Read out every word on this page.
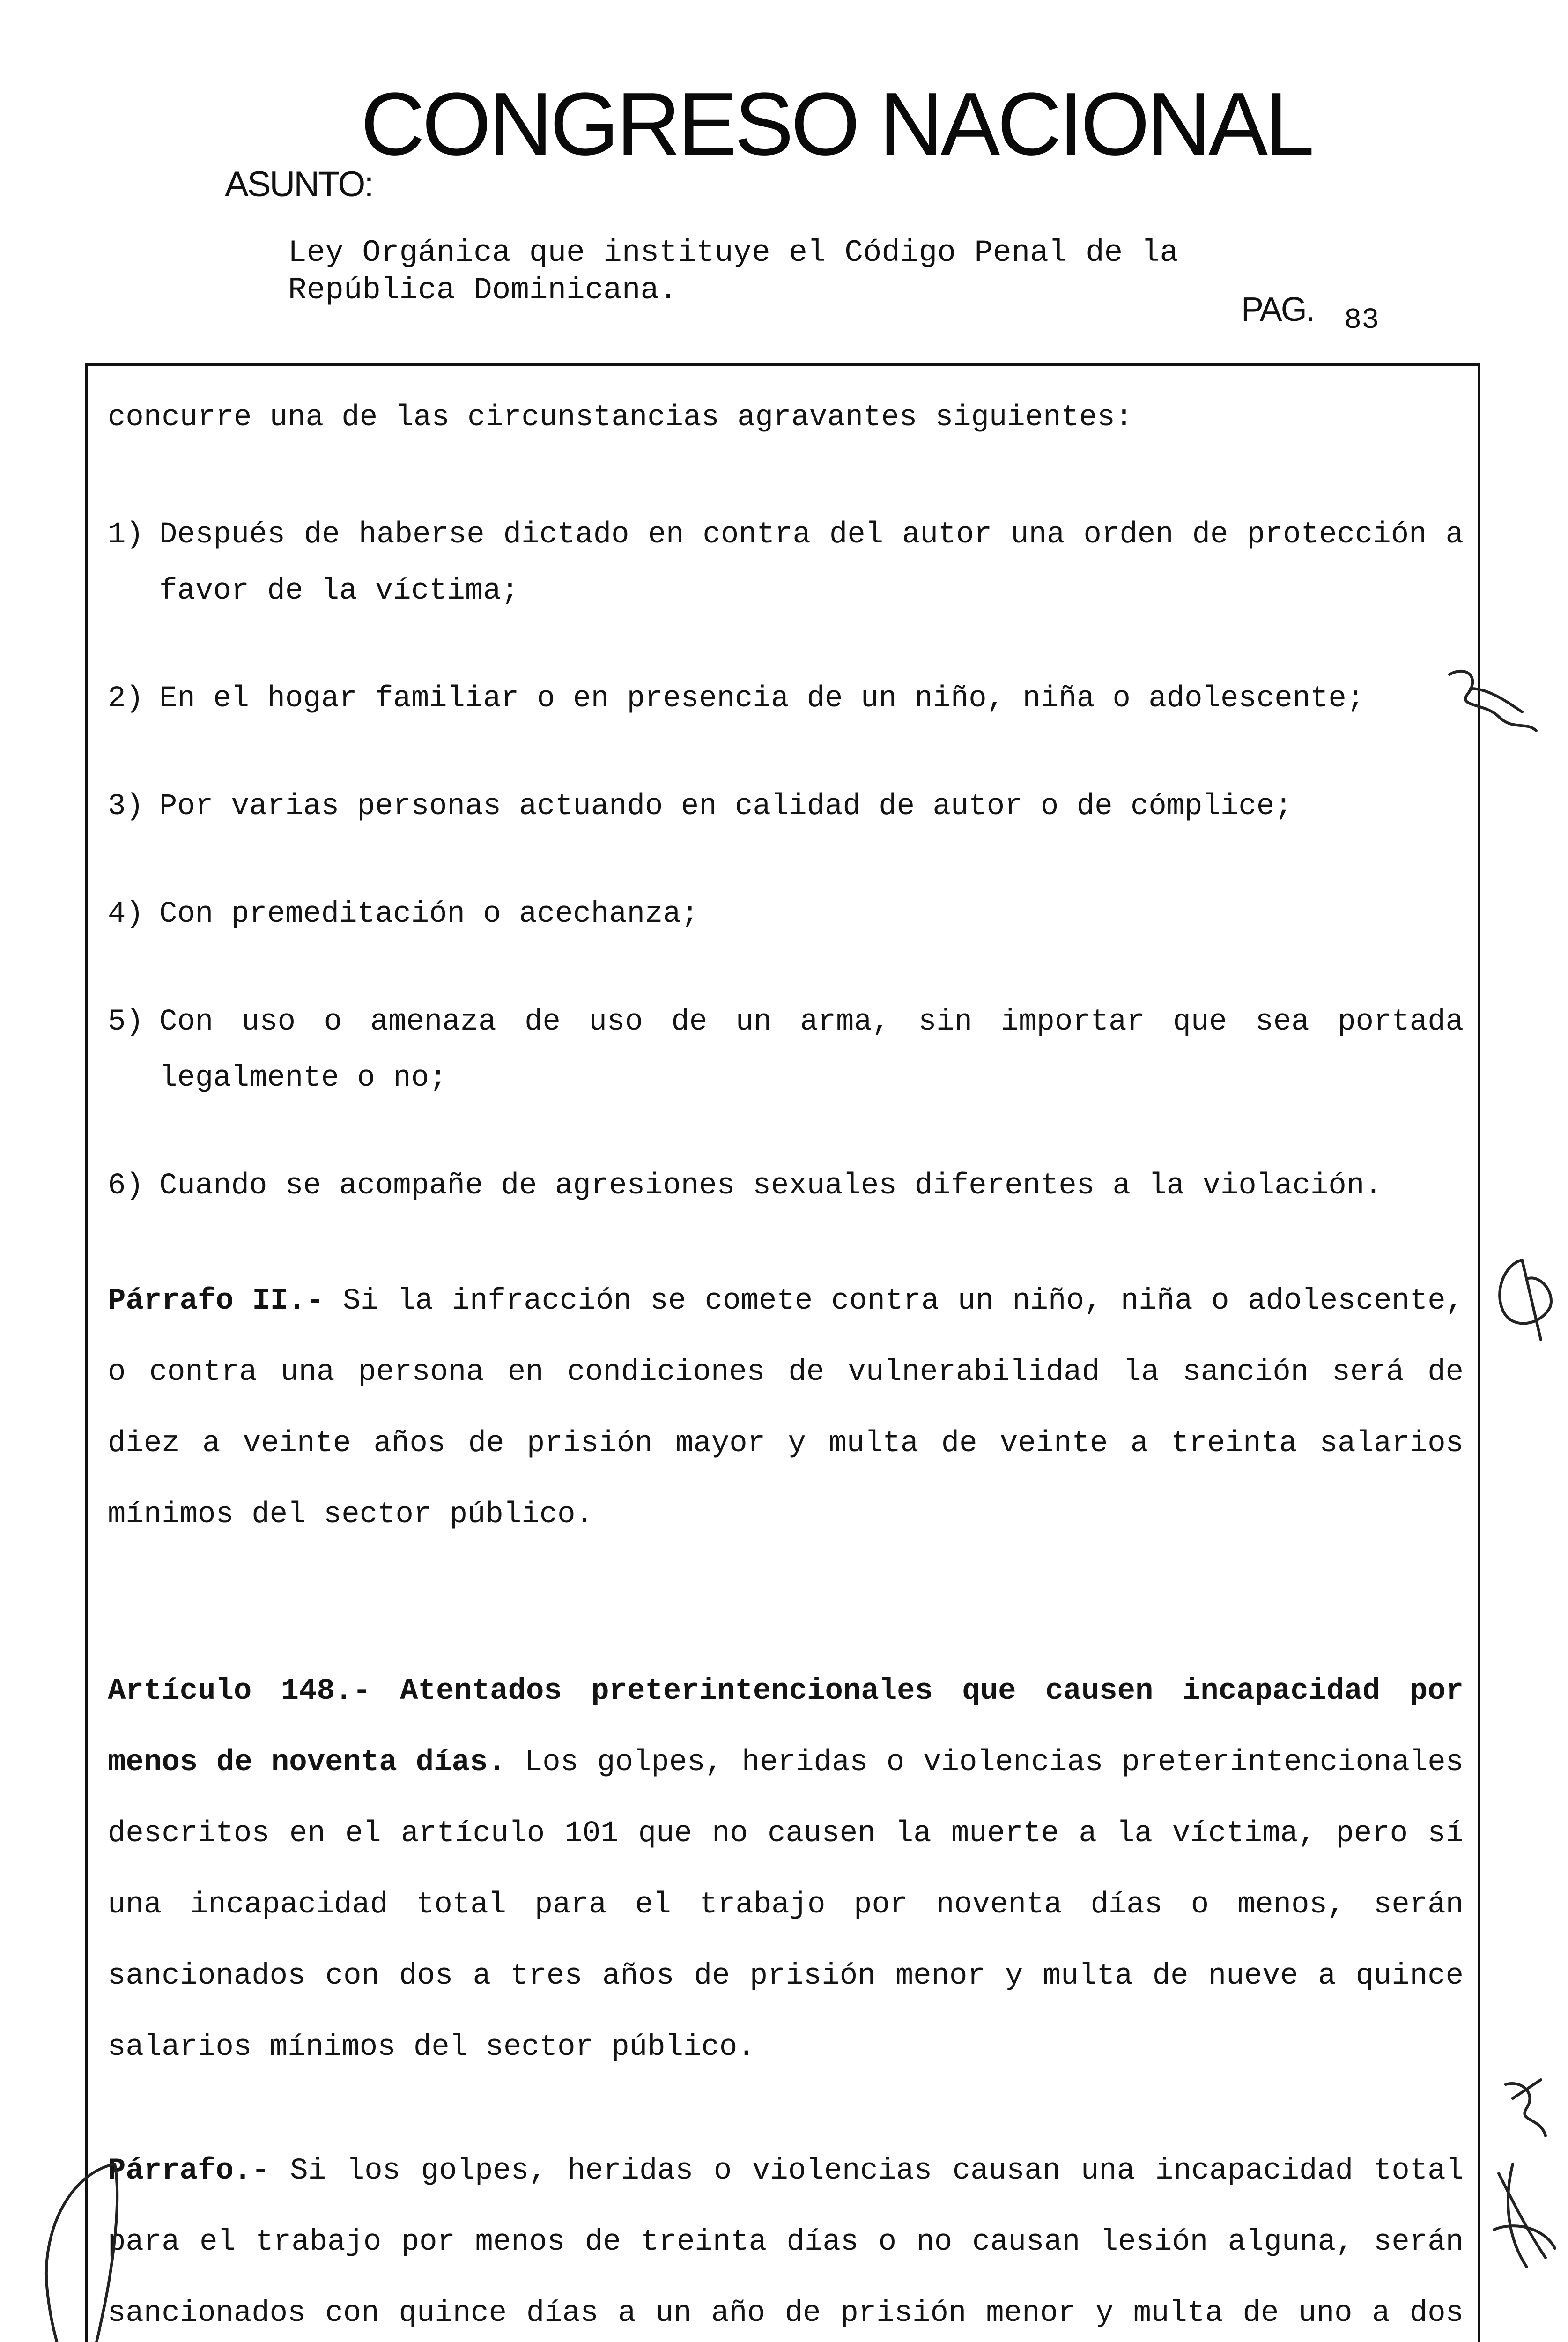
CONGRESO NACIONAL
ASUNTO:
Ley Orgánica que instituye el Código Penal de la República Dominicana.
PAG. 83

concurre una de las circunstancias agravantes siguientes:

1) Después de haberse dictado en contra del autor una orden de protección a favor de la víctima;
2) En el hogar familiar o en presencia de un niño, niña o adolescente;
3) Por varias personas actuando en calidad de autor o de cómplice;
4) Con premeditación o acechanza;
5) Con uso o amenaza de uso de un arma, sin importar que sea portada legalmente o no;
6) Cuando se acompañe de agresiones sexuales diferentes a la violación.

Párrafo II.- Si la infracción se comete contra un niño, niña o adolescente, o contra una persona en condiciones de vulnerabilidad la sanción será de diez a veinte años de prisión mayor y multa de veinte a treinta salarios mínimos del sector público.

Artículo 148.- Atentados preterintencionales que causen incapacidad por menos de noventa días. Los golpes, heridas o violencias preterintencionales descritos en el artículo 101 que no causen la muerte a la víctima, pero sí una incapacidad total para el trabajo por noventa días o menos, serán sancionados con dos a tres años de prisión menor y multa de nueve a quince salarios mínimos del sector público.

Párrafo.- Si los golpes, heridas o violencias causan una incapacidad total para el trabajo por menos de treinta días o no causan lesión alguna, serán sancionados con quince días a un año de prisión menor y multa de uno a dos
